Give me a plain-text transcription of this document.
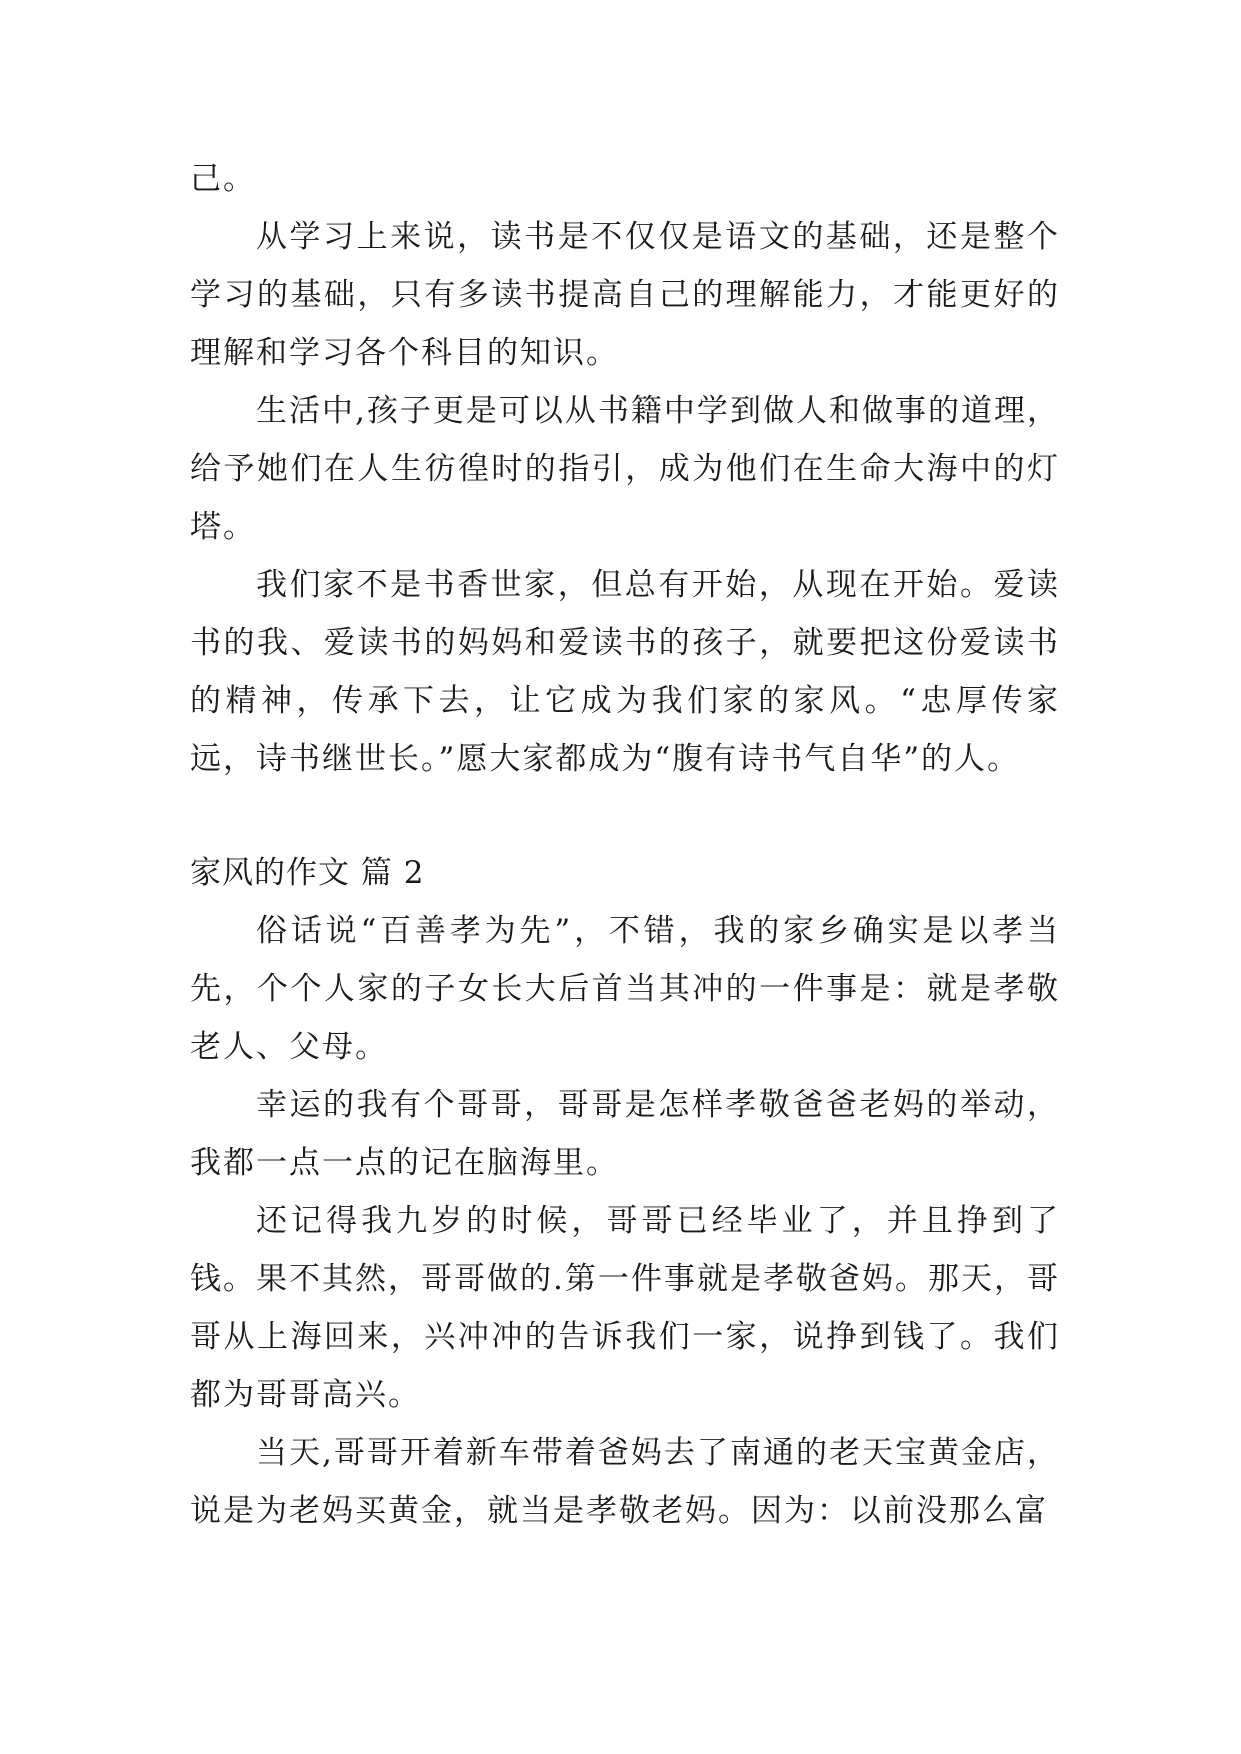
己。

从学习上来说，读书是不仅仅是语文的基础，还是整个学习的基础，只有多读书提高自己的理解能力，才能更好的理解和学习各个科目的知识。

生活中,孩子更是可以从书籍中学到做人和做事的道理，给予她们在人生彷徨时的指引，成为他们在生命大海中的灯塔。

我们家不是书香世家，但总有开始，从现在开始。爱读书的我、爱读书的妈妈和爱读书的孩子，就要把这份爱读书的精神，传承下去，让它成为我们家的家风。“忠厚传家远，诗书继世长。”愿大家都成为“腹有诗书气自华”的人。

家风的作文 篇 2

俗话说“百善孝为先”，不错，我的家乡确实是以孝当先，个个人家的子女长大后首当其冲的一件事是：就是孝敬老人、父母。

幸运的我有个哥哥，哥哥是怎样孝敬爸爸老妈的举动，我都一点一点的记在脑海里。

还记得我九岁的时候，哥哥已经毕业了，并且挣到了钱。果不其然，哥哥做的.第一件事就是孝敬爸妈。那天，哥哥从上海回来，兴冲冲的告诉我们一家，说挣到钱了。我们都为哥哥高兴。

当天,哥哥开着新车带着爸妈去了南通的老天宝黄金店，说是为老妈买黄金，就当是孝敬老妈。因为：以前没那么富
